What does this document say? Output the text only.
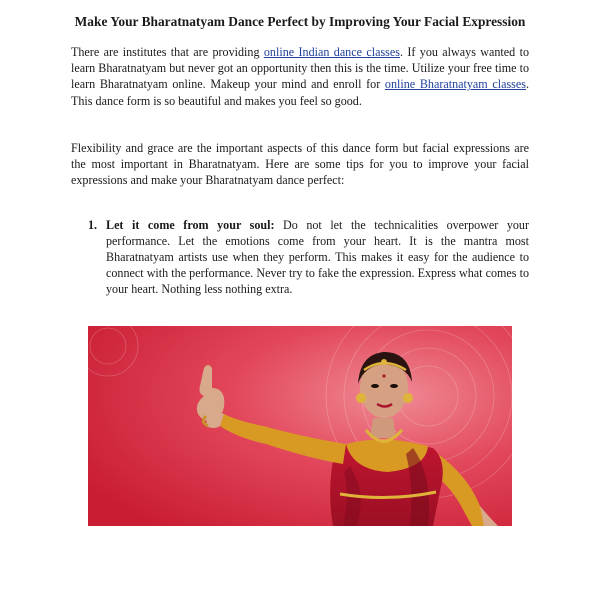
Make Your Bharatnatyam Dance Perfect by Improving Your Facial Expression

There are institutes that are providing online Indian dance classes. If you always wanted to learn Bharatnatyam but never got an opportunity then this is the time. Utilize your free time to learn Bharatnatyam online. Makeup your mind and enroll for online Bharatnatyam classes. This dance form is so beautiful and makes you feel so good.

Flexibility and grace are the important aspects of this dance form but facial expressions are the most important in Bharatnatyam. Here are some tips for you to improve your facial expressions and make your Bharatnatyam dance perfect:

1. Let it come from your soul: Do not let the technicalities overpower your performance. Let the emotions come from your heart. It is the mantra most Bharatnatyam artists use when they perform. This makes it easy for the audience to connect with the performance. Never try to fake the expression. Express what comes to your heart. Nothing less nothing extra.
